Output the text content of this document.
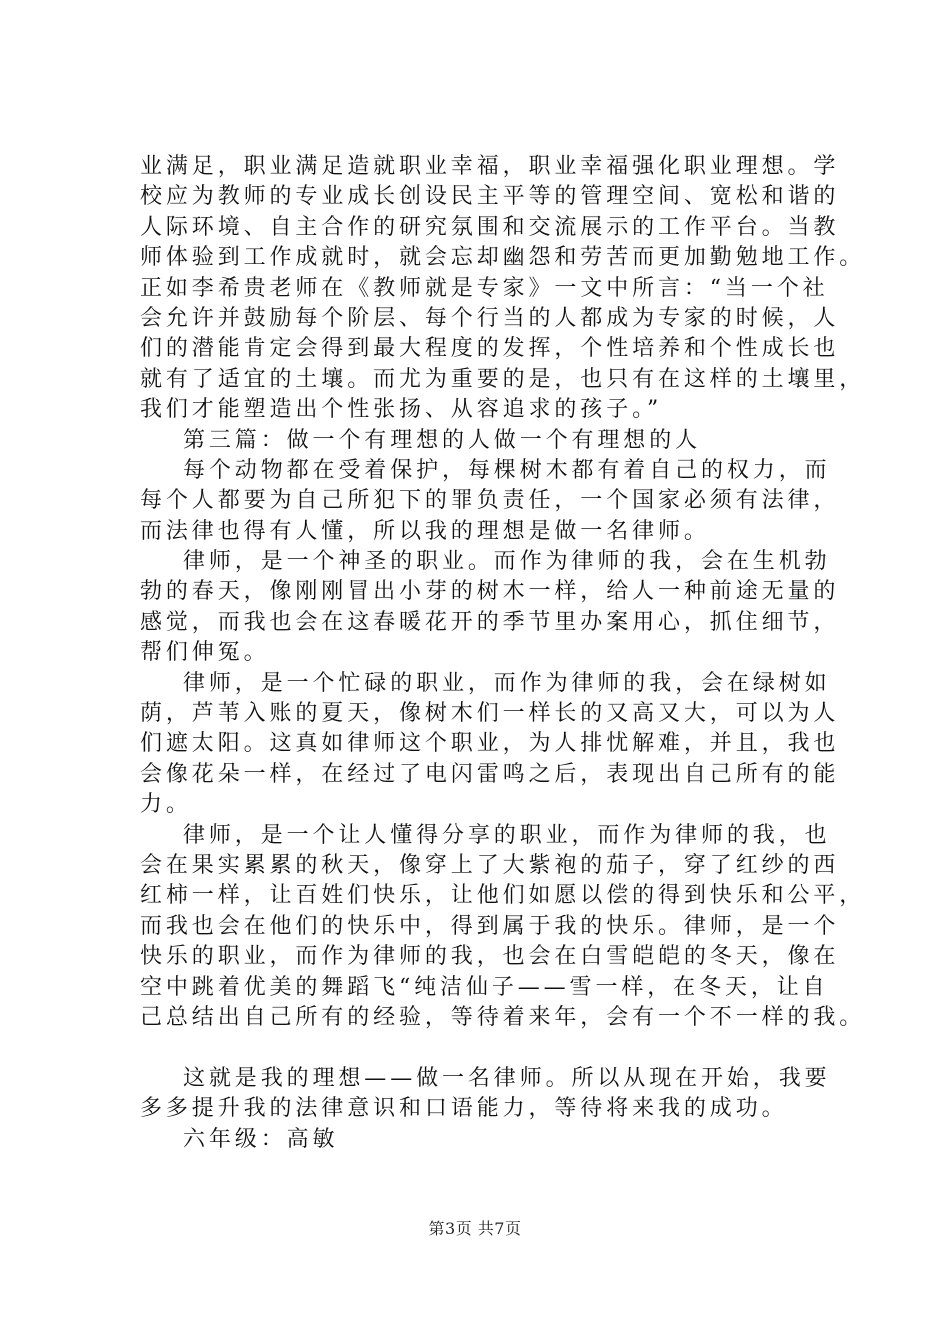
业满足，职业满足造就职业幸福，职业幸福强化职业理想。学
校应为教师的专业成长创设民主平等的管理空间、宽松和谐的
人际环境、自主合作的研究氛围和交流展示的工作平台。当教
师体验到工作成就时，就会忘却幽怨和劳苦而更加勤勉地工作。
正如李希贵老师在《教师就是专家》一文中所言：“当一个社
会允许并鼓励每个阶层、每个行当的人都成为专家的时候，人
们的潜能肯定会得到最大程度的发挥，个性培养和个性成长也
就有了适宜的土壤。而尤为重要的是，也只有在这样的土壤里，
我们才能塑造出个性张扬、从容追求的孩子。”
第三篇：做一个有理想的人做一个有理想的人
每个动物都在受着保护，每棵树木都有着自己的权力，而
每个人都要为自己所犯下的罪负责任，一个国家必须有法律，
而法律也得有人懂，所以我的理想是做一名律师。
律师，是一个神圣的职业。而作为律师的我，会在生机勃
勃的春天，像刚刚冒出小芽的树木一样，给人一种前途无量的
感觉，而我也会在这春暖花开的季节里办案用心，抓住细节，
帮们伸冤。
律师，是一个忙碌的职业，而作为律师的我，会在绿树如
荫，芦苇入账的夏天，像树木们一样长的又高又大，可以为人
们遮太阳。这真如律师这个职业，为人排忧解难，并且，我也
会像花朵一样，在经过了电闪雷鸣之后，表现出自己所有的能
力。
律师，是一个让人懂得分享的职业，而作为律师的我，也
会在果实累累的秋天，像穿上了大紫袍的茄子，穿了红纱的西
红柿一样，让百姓们快乐，让他们如愿以偿的得到快乐和公平，
而我也会在他们的快乐中，得到属于我的快乐。律师，是一个
快乐的职业，而作为律师的我，也会在白雪皑皑的冬天，像在
空中跳着优美的舞蹈飞“纯洁仙子——雪一样，在冬天，让自
己总结出自己所有的经验，等待着来年，会有一个不一样的我。
这就是我的理想——做一名律师。所以从现在开始，我要
多多提升我的法律意识和口语能力，等待将来我的成功。
六年级：高敏
第3页 共7页
